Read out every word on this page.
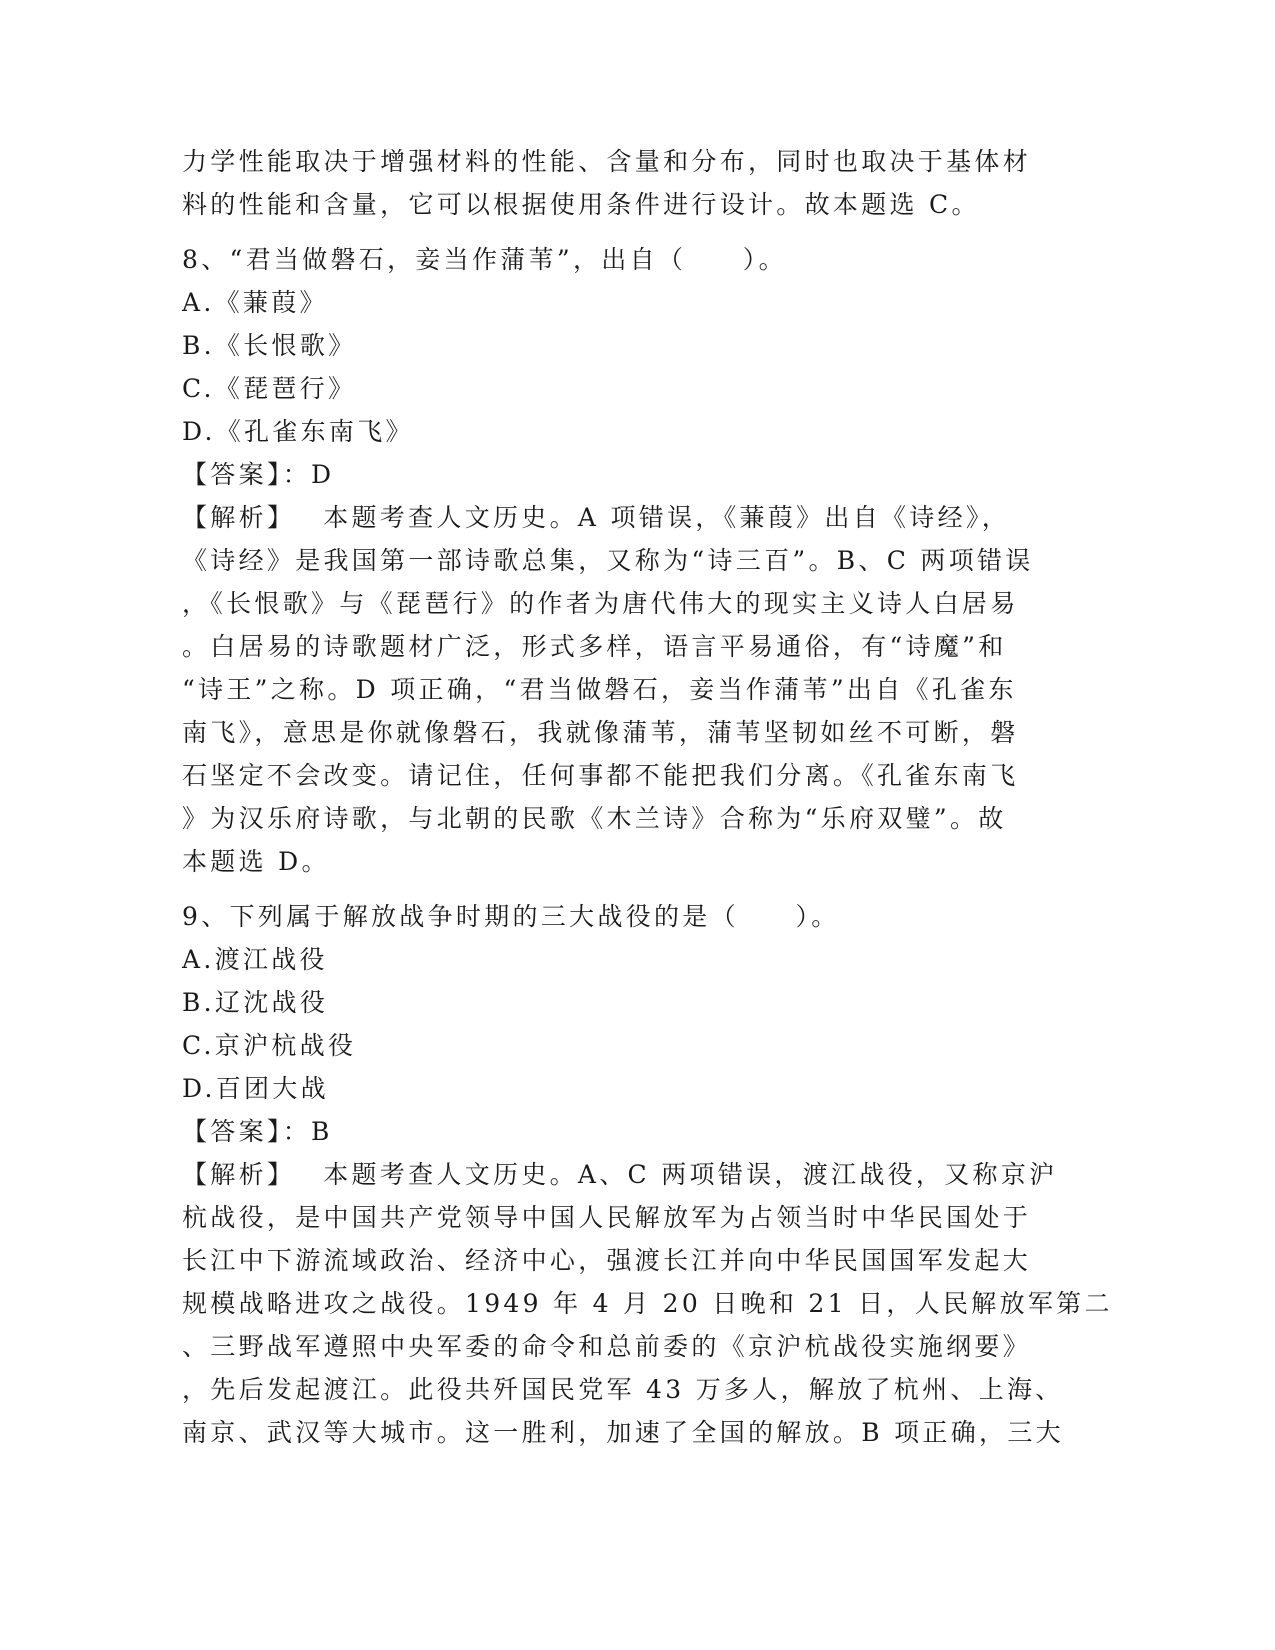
力学性能取决于增强材料的性能、含量和分布，同时也取决于基体材
料的性能和含量，它可以根据使用条件进行设计。故本题选 C。
8、“君当做磐石，妾当作蒲苇”，出自（　　）。
A.《蒹葭》
B.《长恨歌》
C.《琵琶行》
D.《孔雀东南飞》
【答案】：D
【解析】 本题考查人文历史。A 项错误，《蒹葭》出自《诗经》，
《诗经》是我国第一部诗歌总集，又称为“诗三百”。B、C 两项错误
，《长恨歌》与《琵琶行》的作者为唐代伟大的现实主义诗人白居易
。白居易的诗歌题材广泛，形式多样，语言平易通俗，有“诗魔”和
“诗王”之称。D 项正确，“君当做磐石，妾当作蒲苇”出自《孔雀东
南飞》，意思是你就像磐石，我就像蒲苇，蒲苇坚韧如丝不可断，磐
石坚定不会改变。请记住，任何事都不能把我们分离。《孔雀东南飞
》为汉乐府诗歌，与北朝的民歌《木兰诗》合称为“乐府双璧”。故
本题选 D。
9、下列属于解放战争时期的三大战役的是（　　）。
A.渡江战役
B.辽沈战役
C.京沪杭战役
D.百团大战
【答案】：B
【解析】 本题考查人文历史。A、C 两项错误，渡江战役，又称京沪
杭战役，是中国共产党领导中国人民解放军为占领当时中华民国处于
长江中下游流域政治、经济中心，强渡长江并向中华民国国军发起大
规模战略进攻之战役。1949 年 4 月 20 日晚和 21 日，人民解放军第二
、三野战军遵照中央军委的命令和总前委的《京沪杭战役实施纲要》
，先后发起渡江。此役共歼国民党军 43 万多人，解放了杭州、上海、
南京、武汉等大城市。这一胜利，加速了全国的解放。B 项正确，三大
